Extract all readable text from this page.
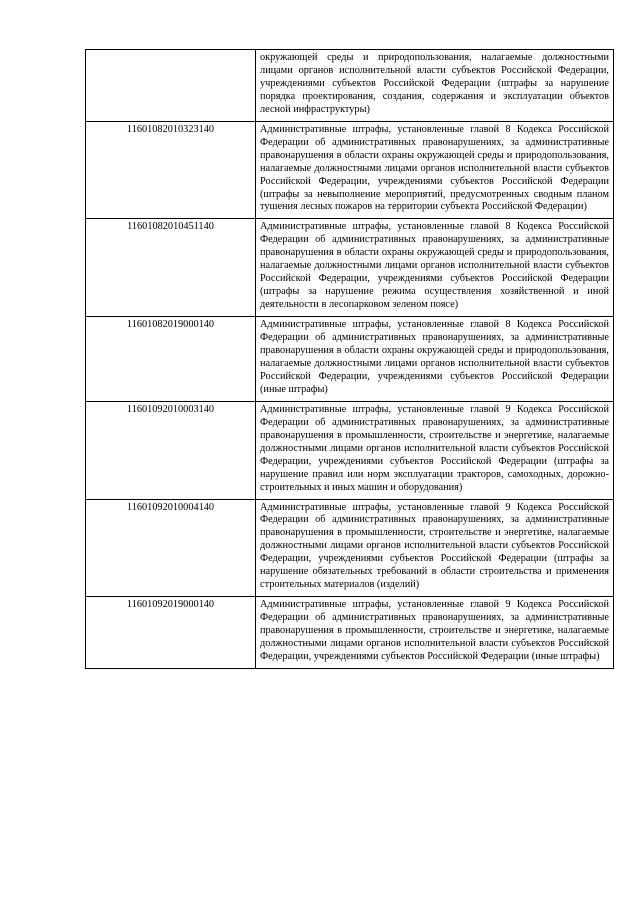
	окружающей среды и природопользования, налагаемые должностными лицами органов исполнительной власти субъектов Российской Федерации, учреждениями субъектов Российской Федерации (штрафы за нарушение порядка проектирования, создания, содержания и эксплуатации объектов лесной инфраструктуры)
11601082010323140	Административные штрафы, установленные главой 8 Кодекса Российской Федерации об административных правонарушениях, за административные правонарушения в области охраны окружающей среды и природопользования, налагаемые должностными лицами органов исполнительной власти субъектов Российской Федерации, учреждениями субъектов Российской Федерации (штрафы за невыполнение мероприятий, предусмотренных сводным планом тушения лесных пожаров на территории субъекта Российской Федерации)
11601082010451140	Административные штрафы, установленные главой 8 Кодекса Российской Федерации об административных правонарушениях, за административные правонарушения в области охраны окружающей среды и природопользования, налагаемые должностными лицами органов исполнительной власти субъектов Российской Федерации, учреждениями субъектов Российской Федерации (штрафы за нарушение режима осуществления хозяйственной и иной деятельности в лесопарковом зеленом поясе)
11601082019000140	Административные штрафы, установленные главой 8 Кодекса Российской Федерации об административных правонарушениях, за административные правонарушения в области охраны окружающей среды и природопользования, налагаемые должностными лицами органов исполнительной власти субъектов Российской Федерации, учреждениями субъектов Российской Федерации (иные штрафы)
11601092010003140	Административные штрафы, установленные главой 9 Кодекса Российской Федерации об административных правонарушениях, за административные правонарушения в промышленности, строительстве и энергетике, налагаемые должностными лицами органов исполнительной власти субъектов Российской Федерации, учреждениями субъектов Российской Федерации (штрафы за нарушение правил или норм эксплуатации тракторов, самоходных, дорожно-строительных и иных машин и оборудования)
11601092010004140	Административные штрафы, установленные главой 9 Кодекса Российской Федерации об административных правонарушениях, за административные правонарушения в промышленности, строительстве и энергетике, налагаемые должностными лицами органов исполнительной власти субъектов Российской Федерации, учреждениями субъектов Российской Федерации (штрафы за нарушение обязательных требований в области строительства и применения строительных материалов (изделий)
11601092019000140	Административные штрафы, установленные главой 9 Кодекса Российской Федерации об административных правонарушениях, за административные правонарушения в промышленности, строительстве и энергетике, налагаемые должностными лицами органов исполнительной власти субъектов Российской Федерации, учреждениями субъектов Российской Федерации (иные штрафы)
